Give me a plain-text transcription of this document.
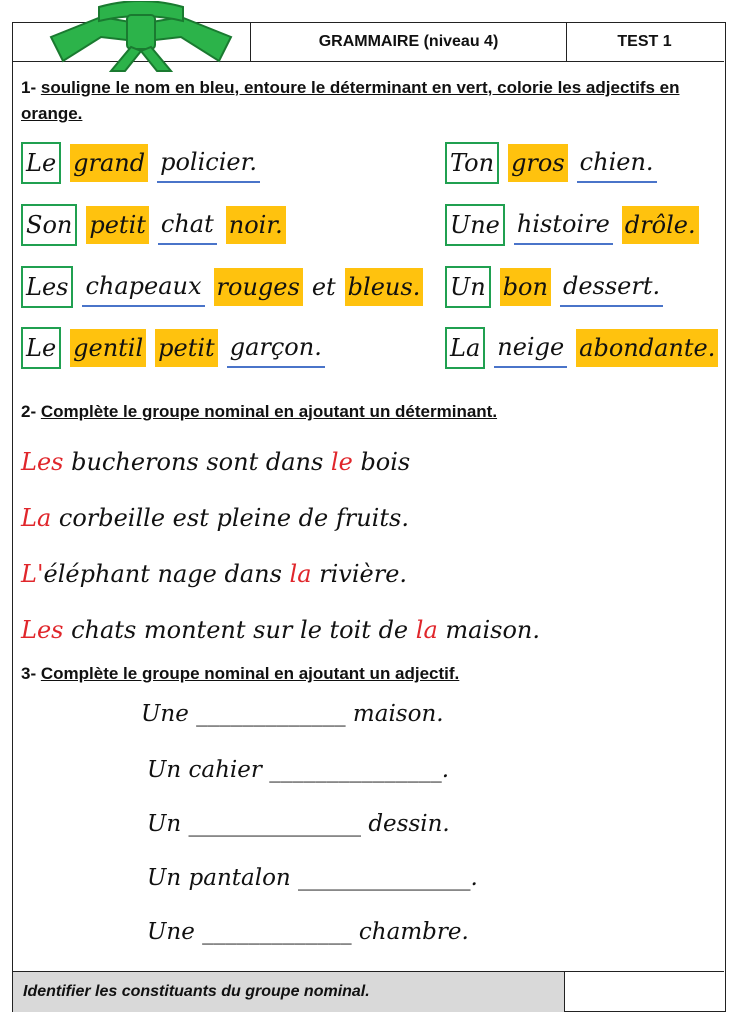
GRAMMAIRE (niveau 4)	TEST 1
1- souligne le nom en bleu, entoure le déterminant en vert, colorie les adjectifs en orange.
Le grand policier.
Son petit chat noir.
Les chapeaux rouges et bleus.
Le gentil petit garçon.
Ton gros chien.
Une histoire drôle.
Un bon dessert.
La neige abondante.
2- Complète le groupe nominal en ajoutant un déterminant.
Les bucherons sont dans le bois
La corbeille est pleine de fruits.
L'éléphant nage dans la rivière.
Les chats montent sur le toit de la maison.
3- Complète le groupe nominal en ajoutant un adjectif.
Une _____________ maison.
Un cahier _______________.
Un _______________ dessin.
Un pantalon _______________.
Une _____________ chambre.
Identifier les constituants du groupe nominal.
